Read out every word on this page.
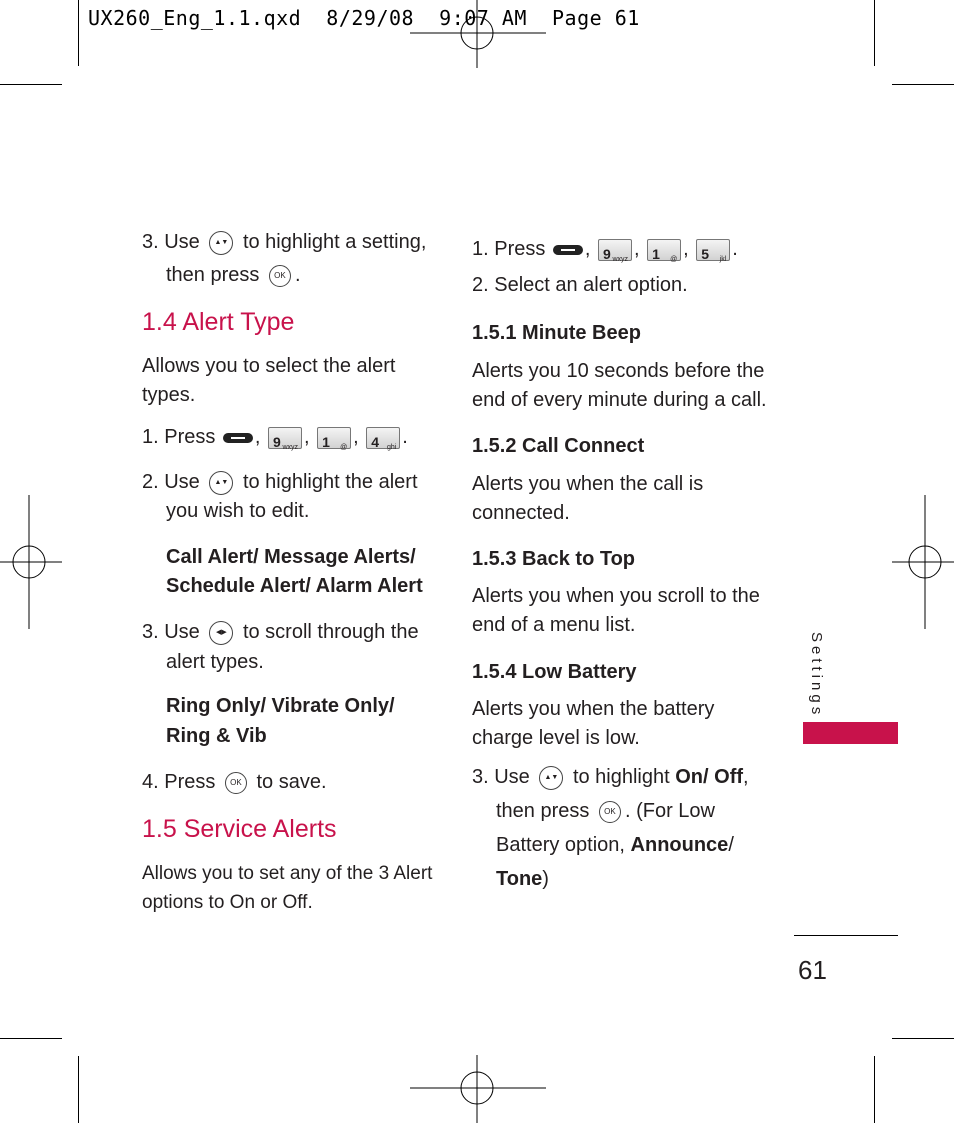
UX260_Eng_1.1.qxd  8/29/08  9:07 AM  Page 61
3. Use ▲▼ to highlight a setting,
then press OK .
1.4 Alert Type
Allows you to select the alert
types.
1. Press , 9 wxyz , 1 @ , 4 ghi .
2. Use ▲▼ to highlight the alert
you wish to edit.
Call Alert/ Message Alerts/
Schedule Alert/ Alarm Alert
3. Use ◀▶ to scroll through the
alert types.
Ring Only/ Vibrate Only/
Ring & Vib
4. Press OK to save.
1.5 Service Alerts
Allows you to set any of the 3 Alert
options to On or Off.
1. Press , 9 wxyz , 1 @ , 5 jkl .
2. Select an alert option.
1.5.1 Minute Beep
Alerts you 10 seconds before the
end of every minute during a call.
1.5.2 Call Connect
Alerts you when the call is
connected.
1.5.3 Back to Top
Alerts you when you scroll to the
end of a menu list.
1.5.4 Low Battery
Alerts you when the battery
charge level is low.
3. Use ▲▼ to highlight On/ Off,
then press OK . (For Low
Battery option, Announce/
Tone)
Settings
61
